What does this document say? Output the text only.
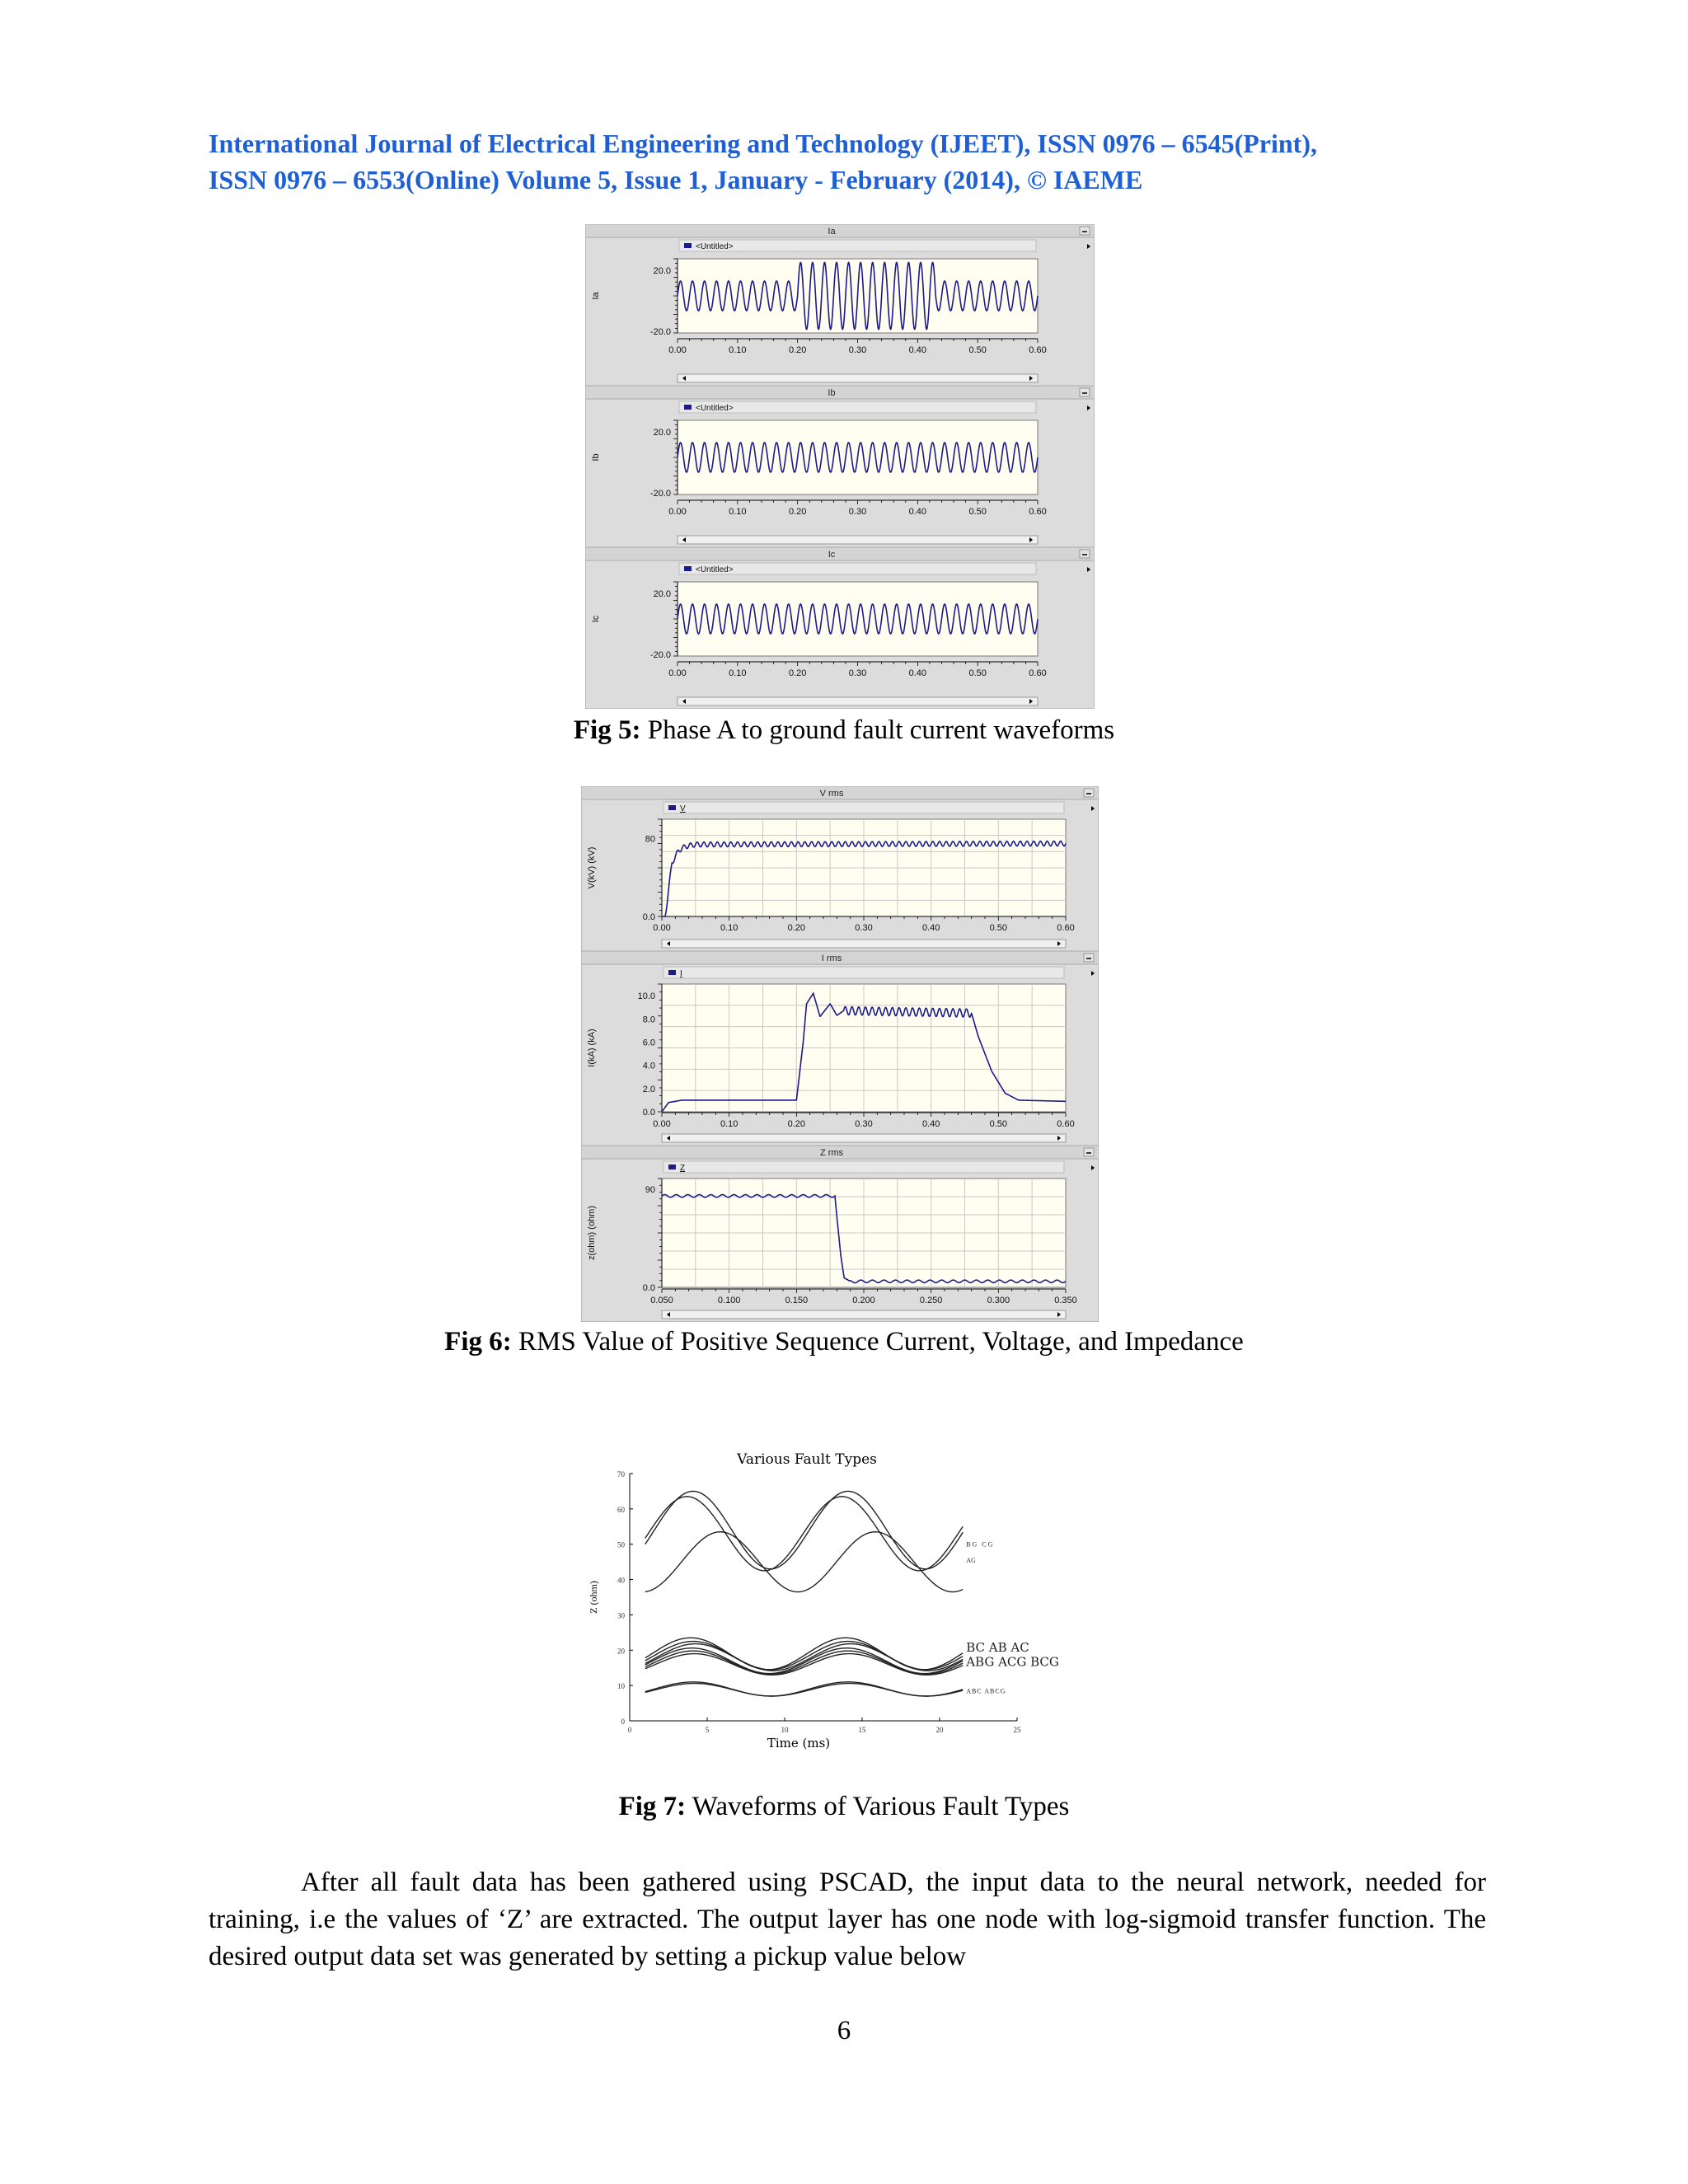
International Journal of Electrical Engineering and Technology (IJEET), ISSN 0976 – 6545(Print),
ISSN 0976 – 6553(Online) Volume 5, Issue 1, January - February (2014), © IAEME
Ia
<Untitled>
20.0
-20.0
Ia
0.00	0.10	0.20	0.30	0.40	0.50	0.60
Ib
<Untitled>
20.0
-20.0
Ib
0.00	0.10	0.20	0.30	0.40	0.50	0.60
Ic
<Untitled>
20.0
-20.0
Ic
0.00	0.10	0.20	0.30	0.40	0.50	0.60
Fig 5: Phase A to ground fault current waveforms
V rms
V
80
0.0
V(kV) (kV)
0.00	0.10	0.20	0.30	0.40	0.50	0.60
I rms
I
10.0
8.0
6.0
4.0
2.0
0.0
I(kA) (kA)
0.00	0.10	0.20	0.30	0.40	0.50	0.60
Z rms
Z
90
0.0
z(ohm) (ohm)
0.050	0.100	0.150	0.200	0.250	0.300	0.350
Fig 6: RMS Value of Positive Sequence Current, Voltage, and Impedance
Various Fault Types
0
10
20
30
40
50
60
70
0	5	10	15	20	25
Time (ms)
Z (ohm)
BG CG
AG
BC AB AC
ABG ACG BCG
ABC ABCG
Fig 7: Waveforms of Various Fault Types

After all fault data has been gathered using PSCAD, the input data to the neural network, needed for training, i.e the values of ‘Z’ are extracted. The output layer has one node with log-sigmoid transfer function. The desired output data set was generated by setting a pickup value below

6
